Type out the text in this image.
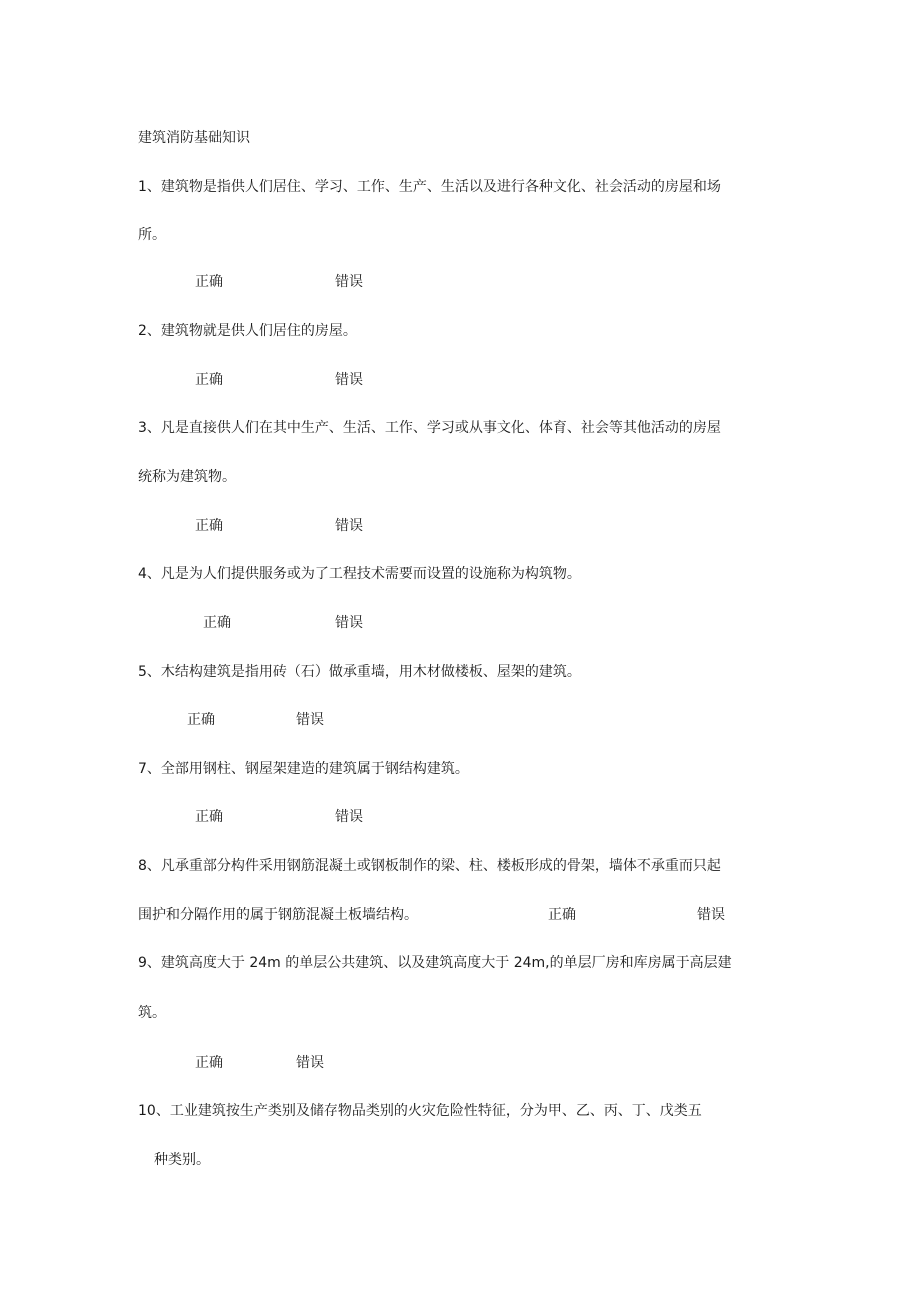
建筑消防基础知识
1、建筑物是指供人们居住、学习、工作、生产、生活以及进行各种文化、社会活动的房屋和场
所。
正确	错误
2、建筑物就是供人们居住的房屋。
正确	错误
3、凡是直接供人们在其中生产、生活、工作、学习或从事文化、体育、社会等其他活动的房屋
统称为建筑物。
正确	错误
4、凡是为人们提供服务或为了工程技术需要而设置的设施称为构筑物。
正确	错误
5、木结构建筑是指用砖（石）做承重墙，用木材做楼板、屋架的建筑。
正确	错误
7、全部用钢柱、钢屋架建造的建筑属于钢结构建筑。
正确	错误
8、凡承重部分构件采用钢筋混凝土或钢板制作的梁、柱、楼板形成的骨架，墙体不承重而只起
围护和分隔作用的属于钢筋混凝土板墙结构。	正确	错误
9、建筑高度大于 24m 的单层公共建筑、以及建筑高度大于 24m,的单层厂房和库房属于高层建
筑。
正确	错误
10、工业建筑按生产类别及储存物品类别的火灾危险性特征，分为甲、乙、丙、丁、戊类五
种类别。
